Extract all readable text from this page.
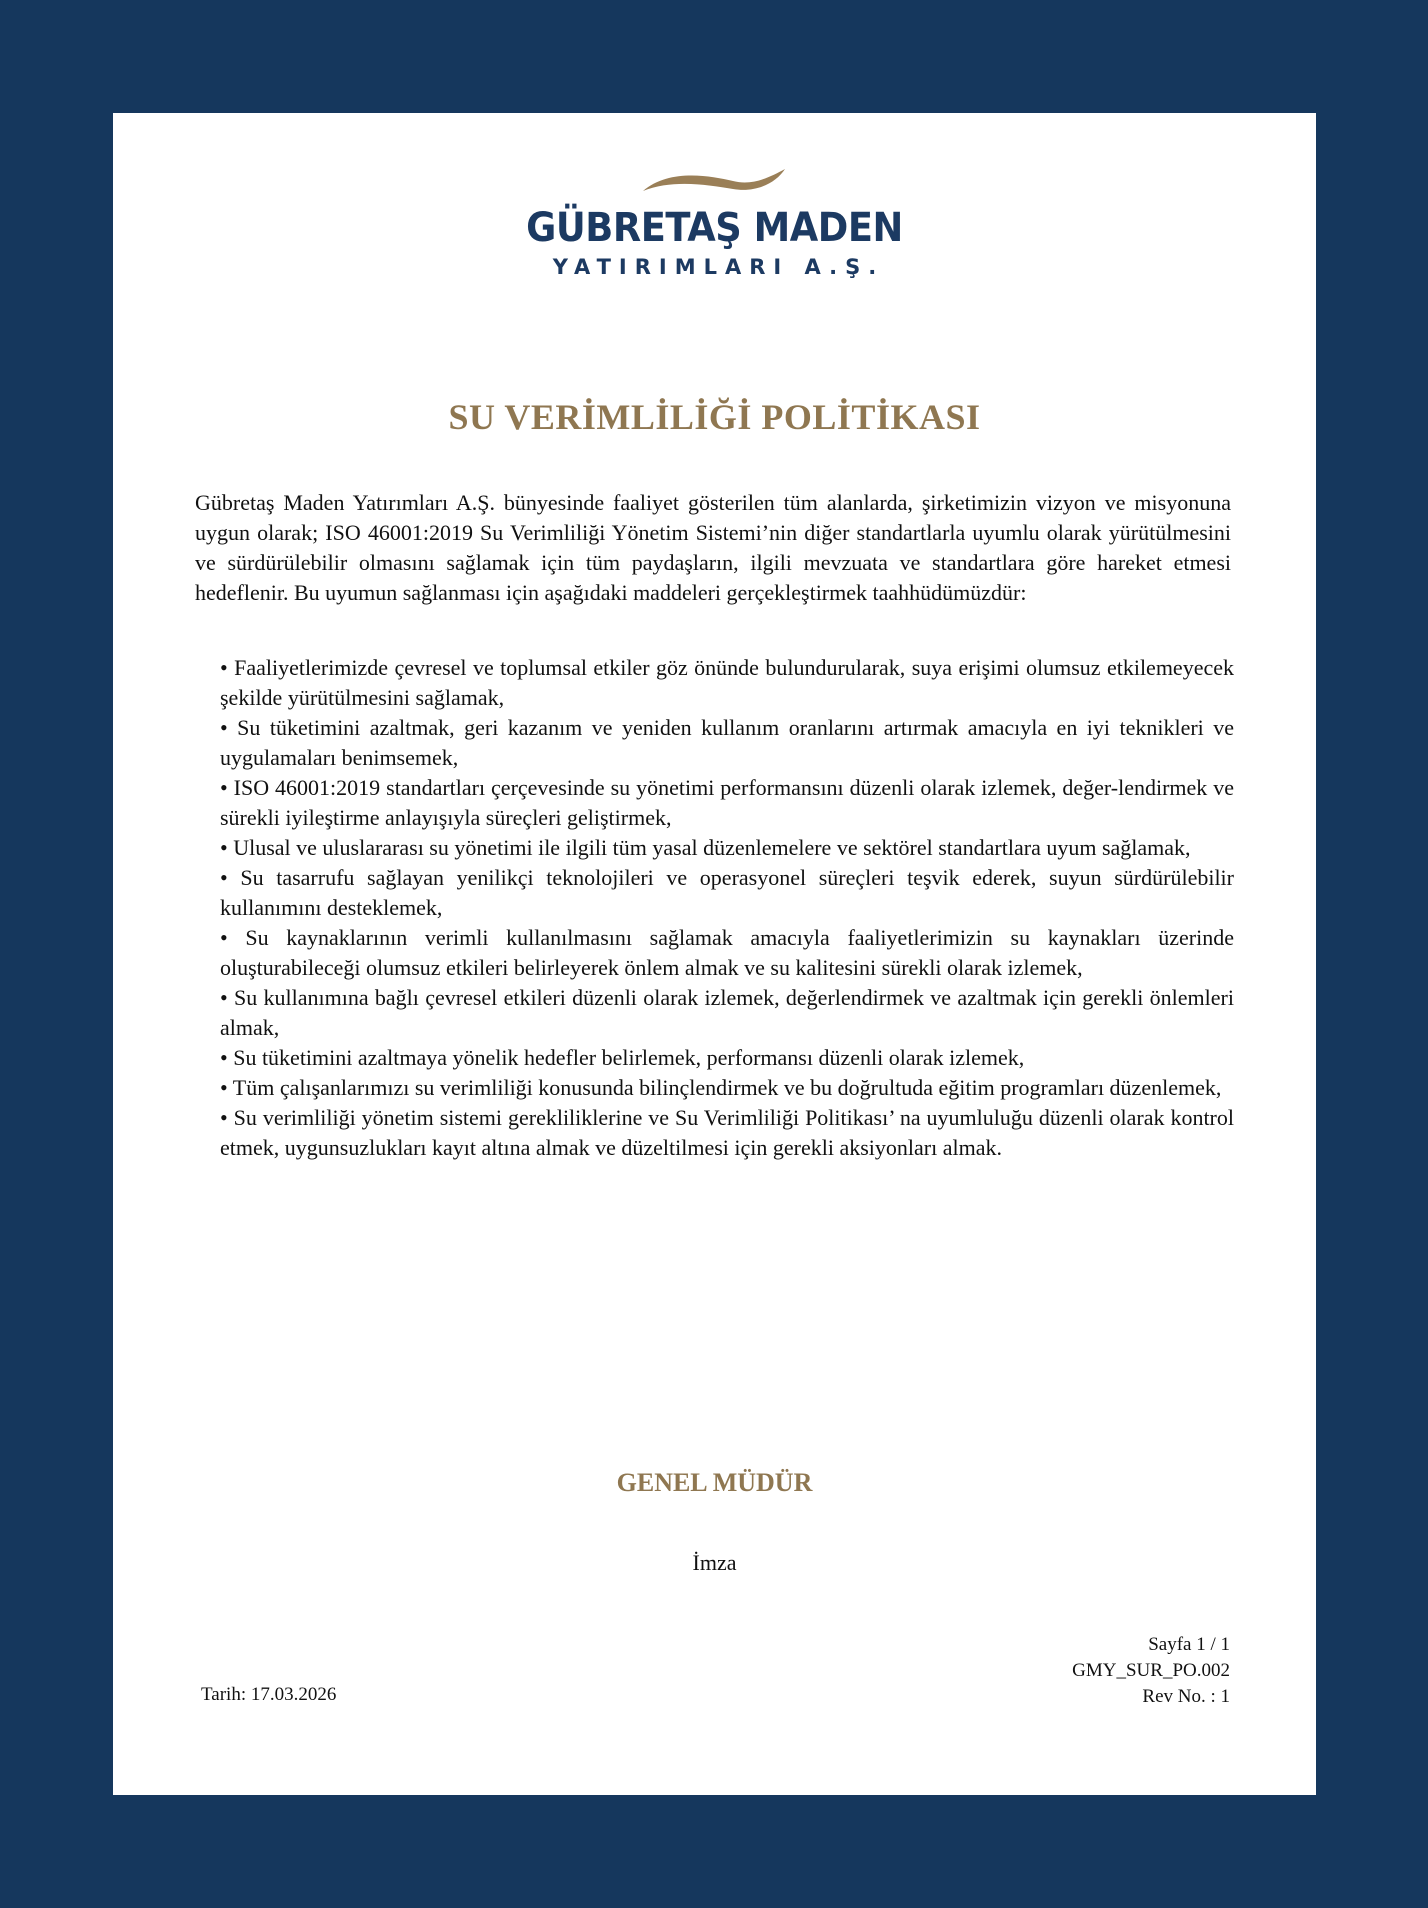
GÜBRETAŞ MADEN
YATIRIMLARI A.Ş.
SU VERİMLİLİĞİ POLİTİKASI

Gübretaş Maden Yatırımları A.Ş. bünyesinde faaliyet gösterilen tüm alanlarda, şirketimizin vizyon ve misyonuna uygun olarak; ISO 46001:2019 Su Verimliliği Yönetim Sistemi’nin diğer standartlarla uyumlu olarak yürütülmesini ve sürdürülebilir olmasını sağlamak için tüm paydaşların, ilgili mevzuata ve standartlara göre hareket etmesi hedeflenir. Bu uyumun sağlanması için aşağıdaki maddeleri gerçekleştirmek taahhüdümüzdür:

• Faaliyetlerimizde çevresel ve toplumsal etkiler göz önünde bulundurularak, suya erişimi olumsuz etkilemeyecek şekilde yürütülmesini sağlamak,
• Su tüketimini azaltmak, geri kazanım ve yeniden kullanım oranlarını artırmak amacıyla en iyi teknikleri ve uygulamaları benimsemek,
• ISO 46001:2019 standartları çerçevesinde su yönetimi performansını düzenli olarak izlemek, değer-lendirmek ve sürekli iyileştirme anlayışıyla süreçleri geliştirmek,
• Ulusal ve uluslararası su yönetimi ile ilgili tüm yasal düzenlemelere ve sektörel standartlara uyum sağlamak,
• Su tasarrufu sağlayan yenilikçi teknolojileri ve operasyonel süreçleri teşvik ederek, suyun sürdürülebilir kullanımını desteklemek,
• Su kaynaklarının verimli kullanılmasını sağlamak amacıyla faaliyetlerimizin su kaynakları üzerinde oluşturabileceği olumsuz etkileri belirleyerek önlem almak ve su kalitesini sürekli olarak izlemek,
• Su kullanımına bağlı çevresel etkileri düzenli olarak izlemek, değerlendirmek ve azaltmak için gerekli önlemleri almak,
• Su tüketimini azaltmaya yönelik hedefler belirlemek, performansı düzenli olarak izlemek,
• Tüm çalışanlarımızı su verimliliği konusunda bilinçlendirmek ve bu doğrultuda eğitim programları düzenlemek,
• Su verimliliği yönetim sistemi gerekliliklerine ve Su Verimliliği Politikası’ na uyumluluğu düzenli olarak kontrol etmek, uygunsuzlukları kayıt altına almak ve düzeltilmesi için gerekli aksiyonları almak.
GENEL MÜDÜR
İmza
Tarih: 17.03.2026
Sayfa 1 / 1
GMY_SUR_PO.002
Rev No. : 1
